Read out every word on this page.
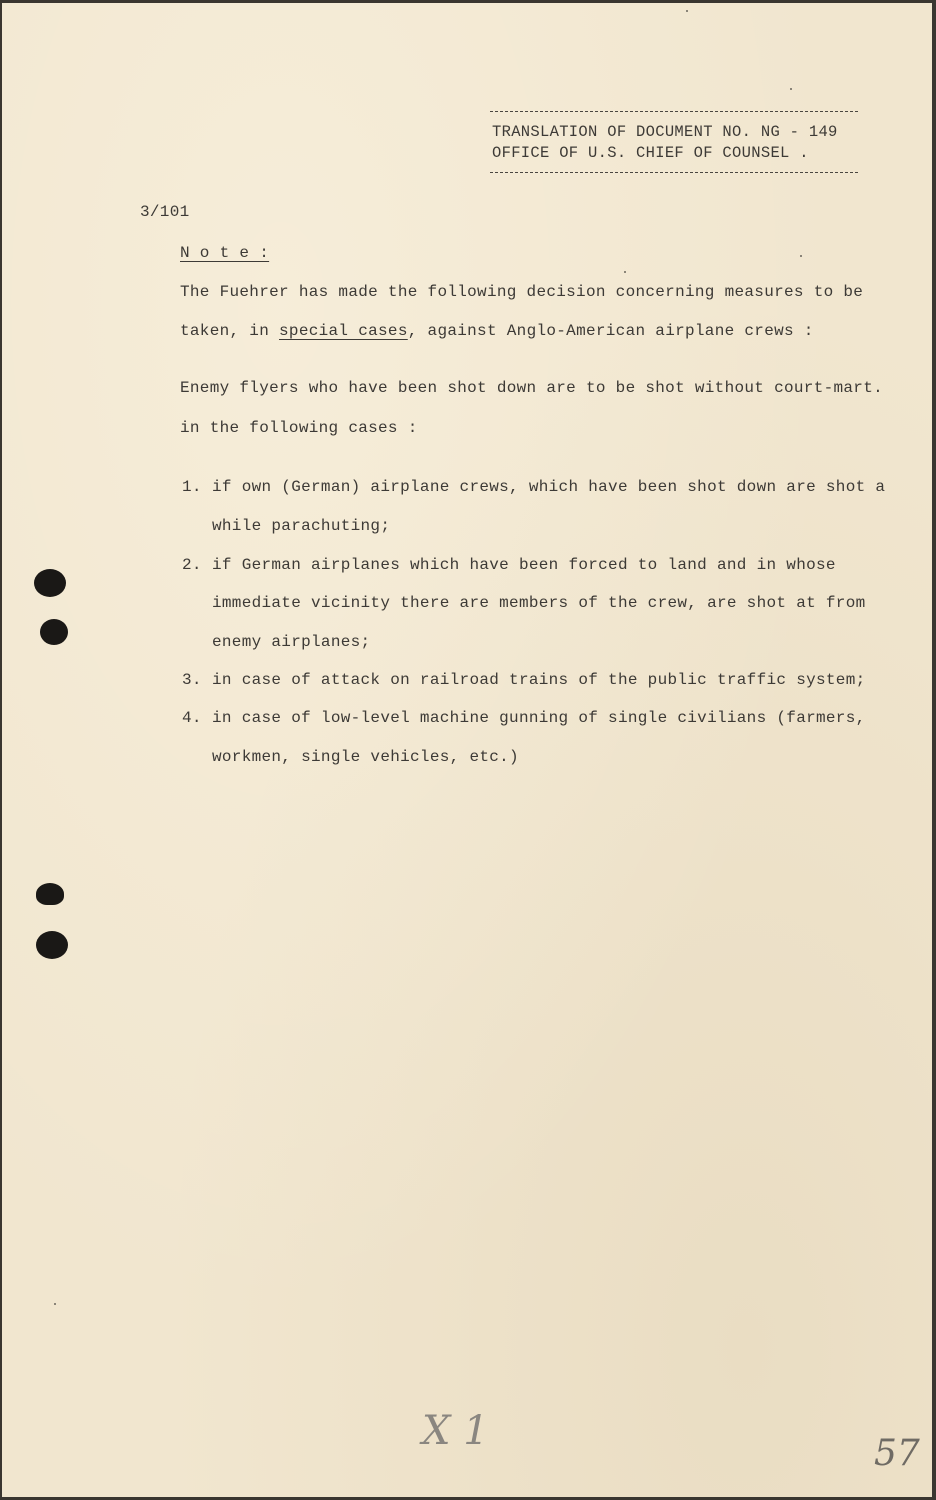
TRANSLATION OF DOCUMENT NO. NG - 149
OFFICE OF U.S. CHIEF OF COUNSEL .
3/101
N o t e :
The Fuehrer has made the following decision concerning measures to be
taken, in special cases, against Anglo-American airplane crews :
Enemy flyers who have been shot down are to be shot without court-mart.
in the following cases :
1. if own (German) airplane crews, which have been shot down are shot a
while parachuting;
2. if German airplanes which have been forced to land and in whose
immediate vicinity there are members of the crew, are shot at from
enemy airplanes;
3. in case of attack on railroad trains of the public traffic system;
4. in case of low-level machine gunning of single civilians (farmers,
workmen, single vehicles, etc.)
X 1	57
